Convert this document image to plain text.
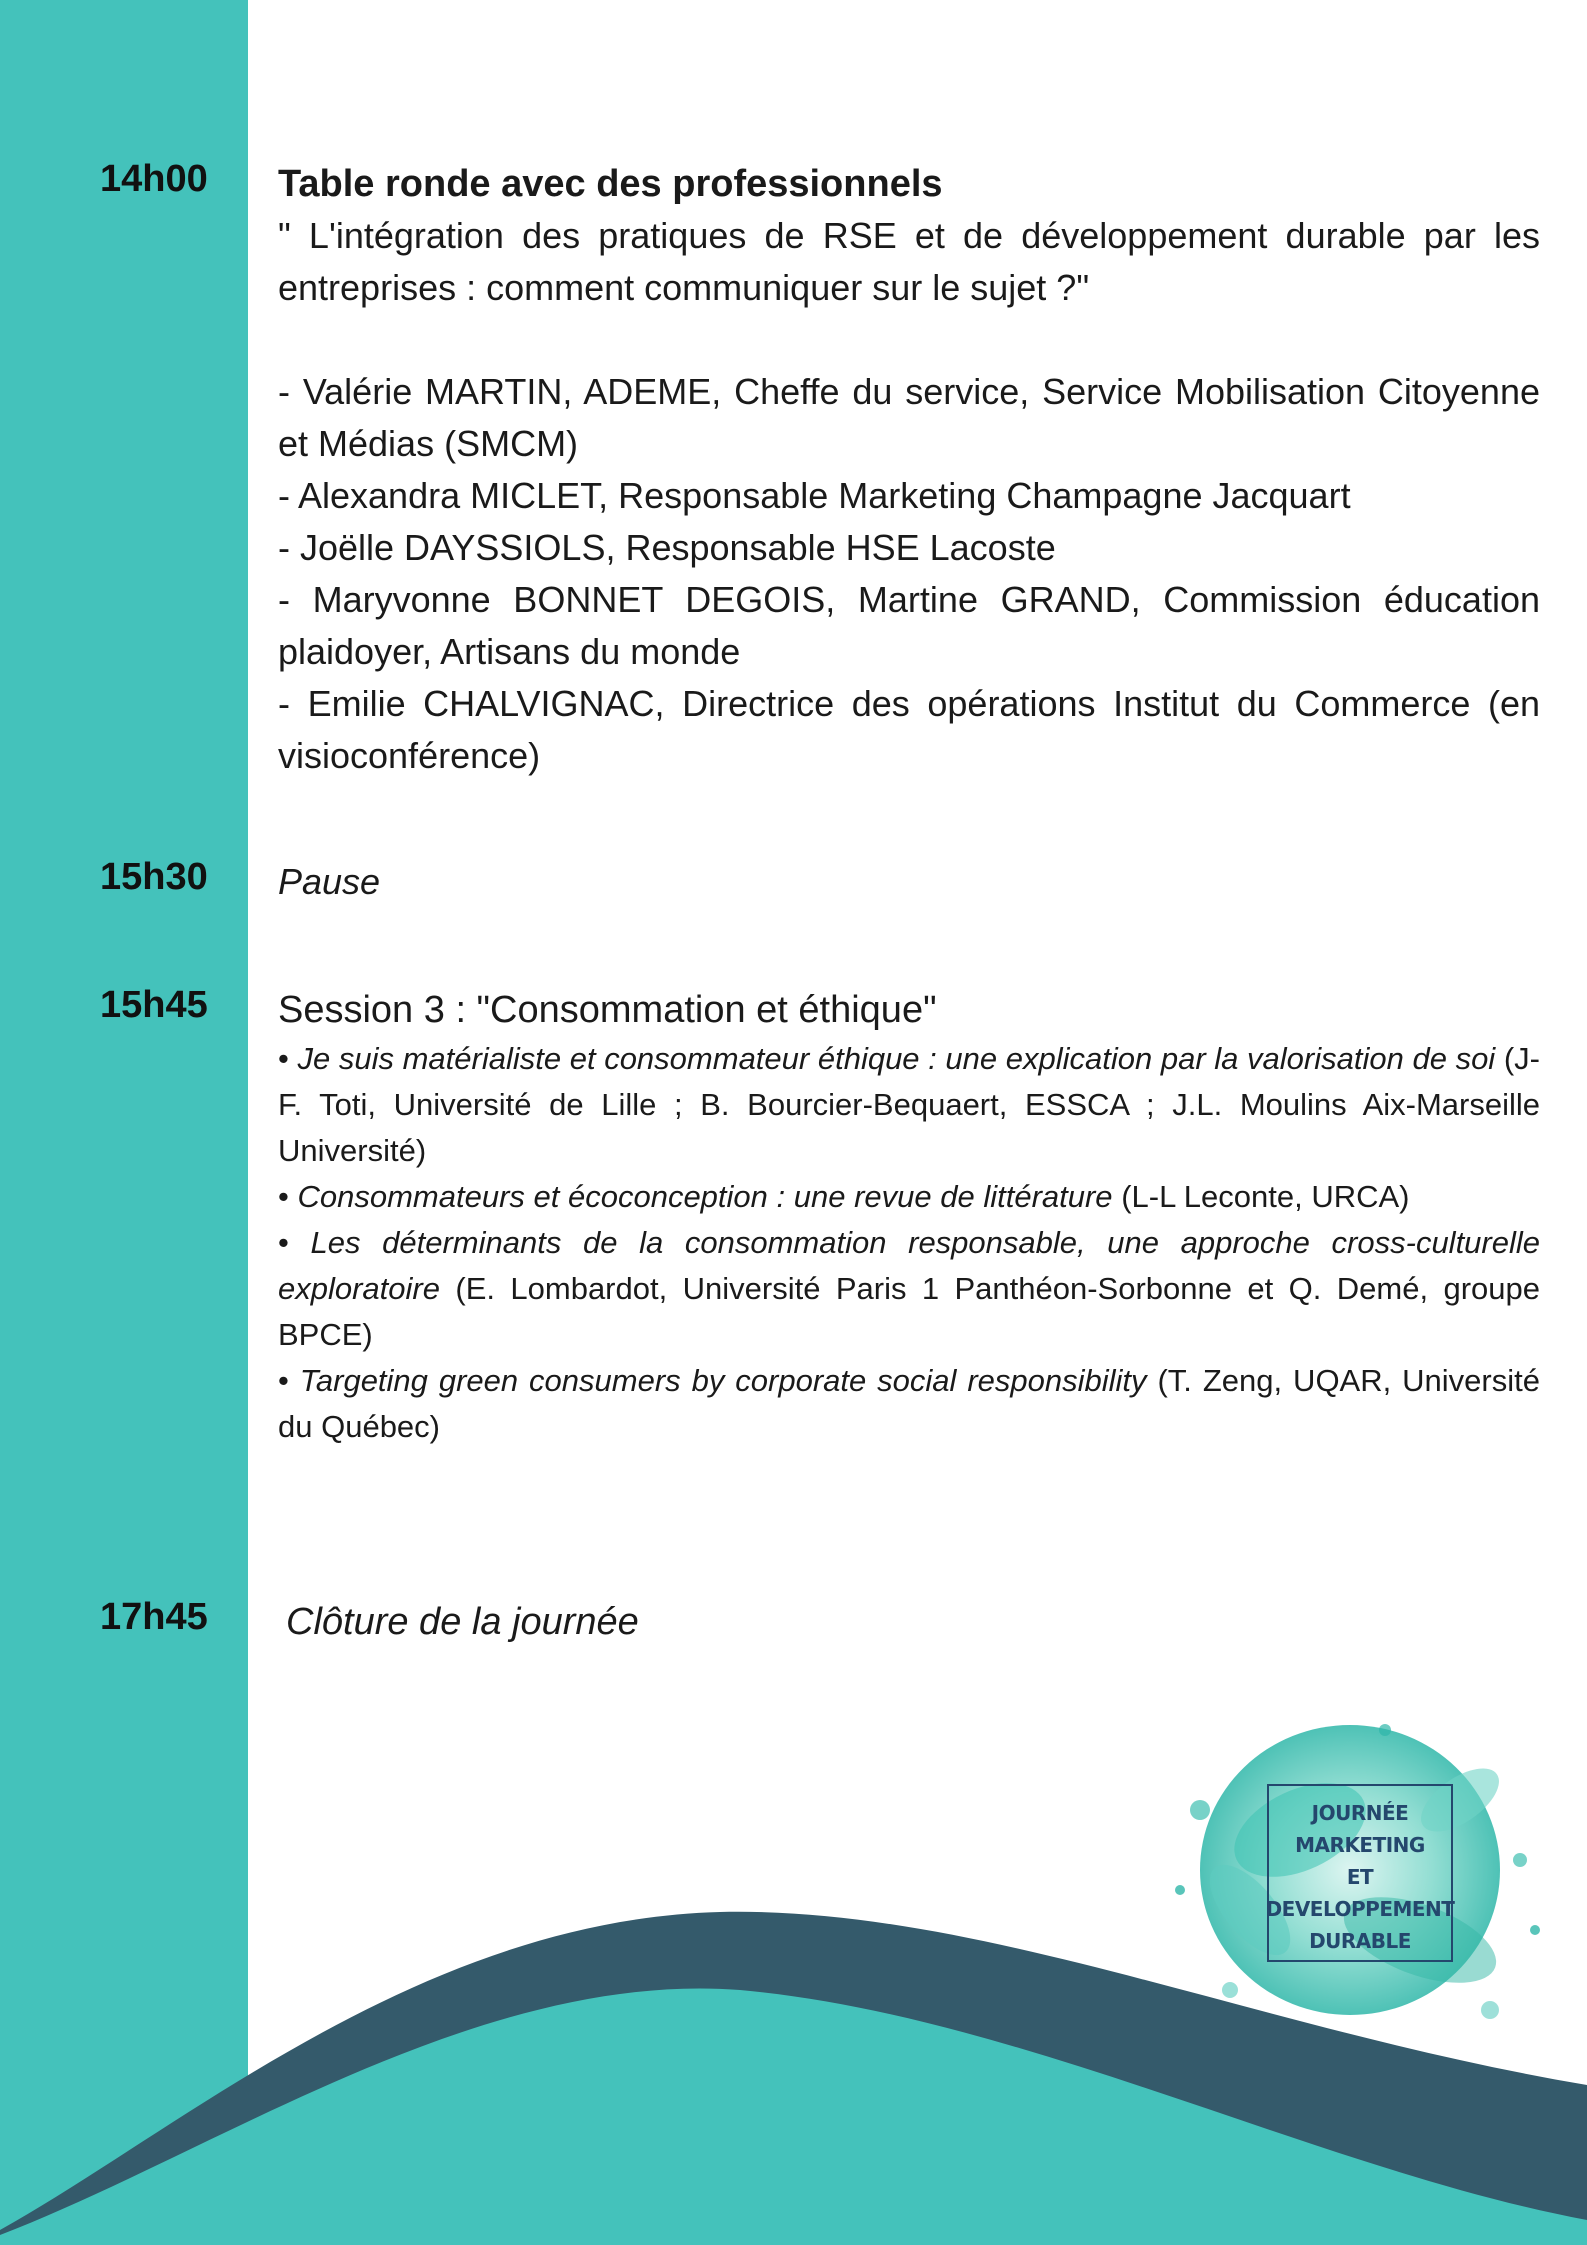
14h00	Table ronde avec des professionnels
" L'intégration des pratiques de RSE et de développement durable par les entreprises : comment communiquer sur le sujet ?"
- Valérie MARTIN, ADEME, Cheffe du service, Service Mobilisation Citoyenne et Médias (SMCM)
- Alexandra MICLET, Responsable Marketing Champagne Jacquart
- Joëlle DAYSSIOLS, Responsable HSE Lacoste
- Maryvonne BONNET DEGOIS, Martine GRAND, Commission éducation plaidoyer, Artisans du monde
- Emilie CHALVIGNAC, Directrice des opérations Institut du Commerce (en visioconférence)
15h30	Pause
15h45	Session 3 : "Consommation et éthique"
• Je suis matérialiste et consommateur éthique : une explication par la valorisation de soi (J-F. Toti, Université de Lille ; B. Bourcier-Bequaert, ESSCA ; J.L. Moulins Aix-Marseille Université)
• Consommateurs et écoconception : une revue de littérature (L-L Leconte, URCA)
• Les déterminants de la consommation responsable, une approche cross-culturelle exploratoire (E. Lombardot, Université Paris 1 Panthéon-Sorbonne et Q. Demé, groupe BPCE)
• Targeting green consumers by corporate social responsibility (T. Zeng, UQAR, Université du Québec)
17h45	Clôture de la journée
JOURNÉE
MARKETING
ET
DEVELOPPEMENT
DURABLE
